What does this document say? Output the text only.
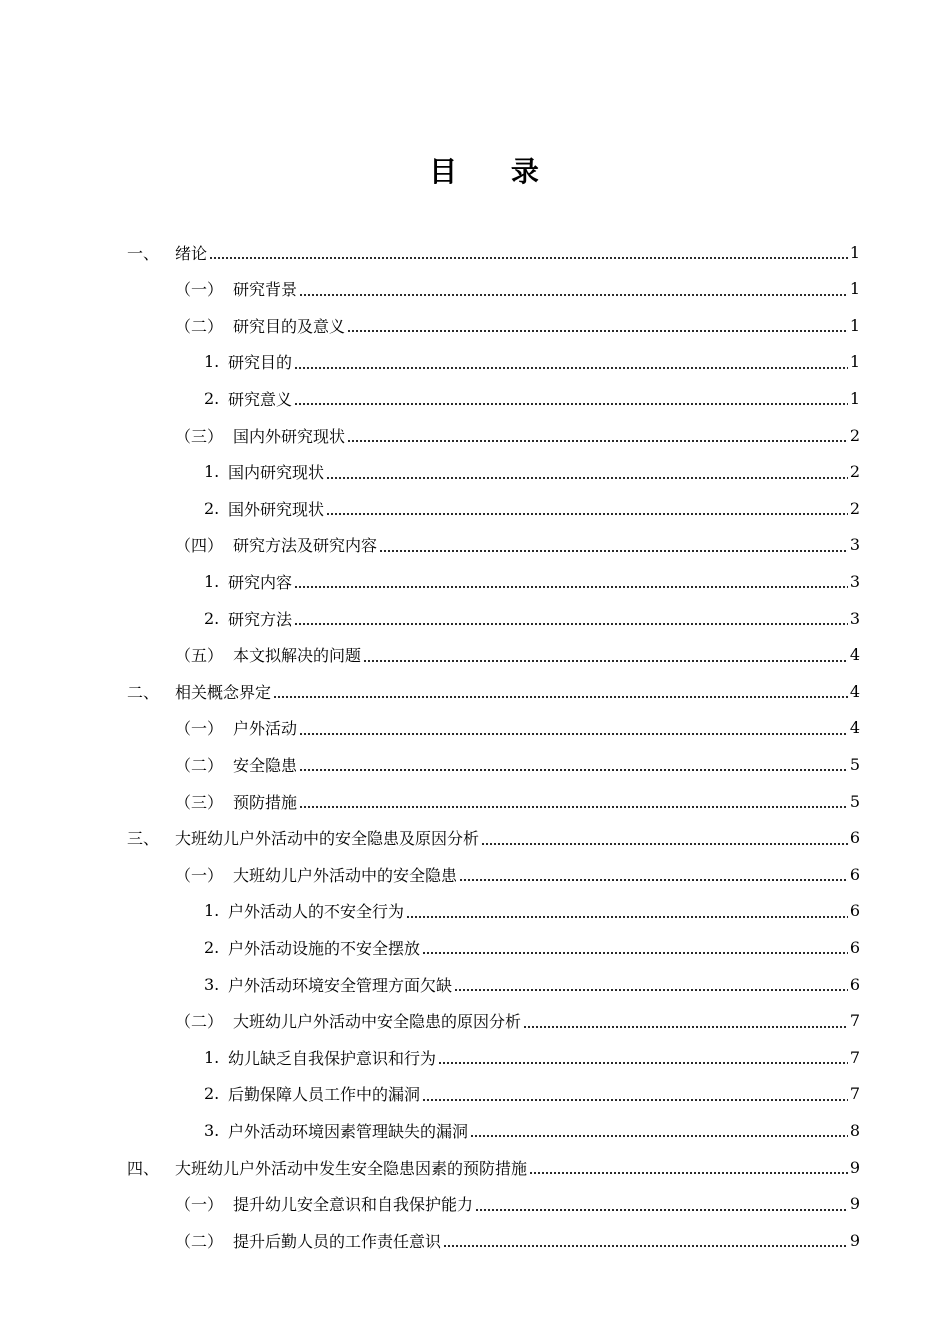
目 录
一、 绪论	1
（一） 研究背景	1
（二） 研究目的及意义	1
1. 研究目的	1
2. 研究意义	1
（三） 国内外研究现状	2
1. 国内研究现状	2
2. 国外研究现状	2
（四） 研究方法及研究内容	3
1. 研究内容	3
2. 研究方法	3
（五） 本文拟解决的问题	4
二、 相关概念界定	4
（一） 户外活动	4
（二） 安全隐患	5
（三） 预防措施	5
三、 大班幼儿户外活动中的安全隐患及原因分析	6
（一） 大班幼儿户外活动中的安全隐患	6
1. 户外活动人的不安全行为	6
2. 户外活动设施的不安全摆放	6
3. 户外活动环境安全管理方面欠缺	6
（二） 大班幼儿户外活动中安全隐患的原因分析	7
1. 幼儿缺乏自我保护意识和行为	7
2. 后勤保障人员工作中的漏洞	7
3. 户外活动环境因素管理缺失的漏洞	8
四、 大班幼儿户外活动中发生安全隐患因素的预防措施	9
（一） 提升幼儿安全意识和自我保护能力	9
（二） 提升后勤人员的工作责任意识	9
